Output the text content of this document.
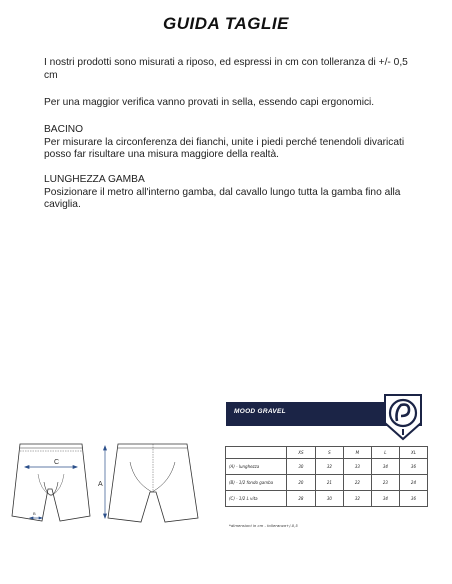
GUIDA TAGLIE
I nostri prodotti sono misurati a riposo, ed espressi in cm con tolleranza di +/- 0,5 cm
Per una maggior verifica vanno provati in sella, essendo capi ergonomici.
BACINO
Per misurare la circonferenza dei fianchi, unite i piedi perché tenendoli divaricati posso far risultare una misura maggiore della realtà.
LUNGHEZZA GAMBA
Posizionare il metro all'interno gamba, dal cavallo lungo tutta la gamba fino alla caviglia.
C
A
B
MOOD GRAVEL
	XS	S	M	L	XL
(A) - lunghezza	30	32	33	34	36
(B) - 1/2 fondo gamba	20	21	22	23	24
(C) - 1/2 L vita	28	30	32	34	36
*dimensioni in cm - tolleranza+/-0,5
